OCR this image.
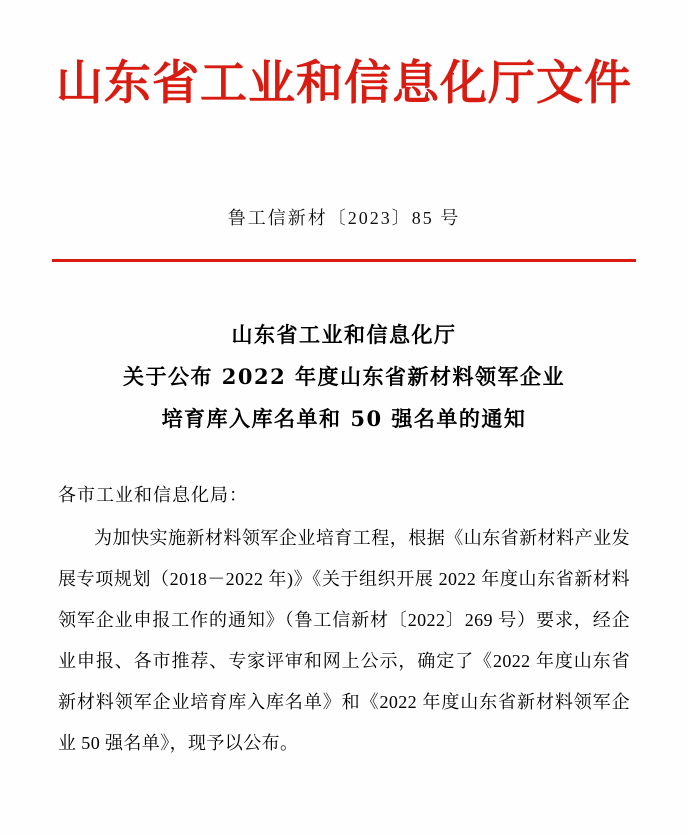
山东省工业和信息化厅文件
鲁工信新材〔2023〕85 号
山东省工业和信息化厅
关于公布 2022 年度山东省新材料领军企业
培育库入库名单和 50 强名单的通知
各市工业和信息化局：
为加快实施新材料领军企业培育工程，根据《山东省新材料产业发展专项规划（2018－2022 年)》《关于组织开展 2022 年度山东省新材料领军企业申报工作的通知》（鲁工信新材〔2022〕269 号）要求，经企业申报、各市推荐、专家评审和网上公示，确定了《2022 年度山东省新材料领军企业培育库入库名单》和《2022 年度山东省新材料领军企业 50 强名单》，现予以公布。
